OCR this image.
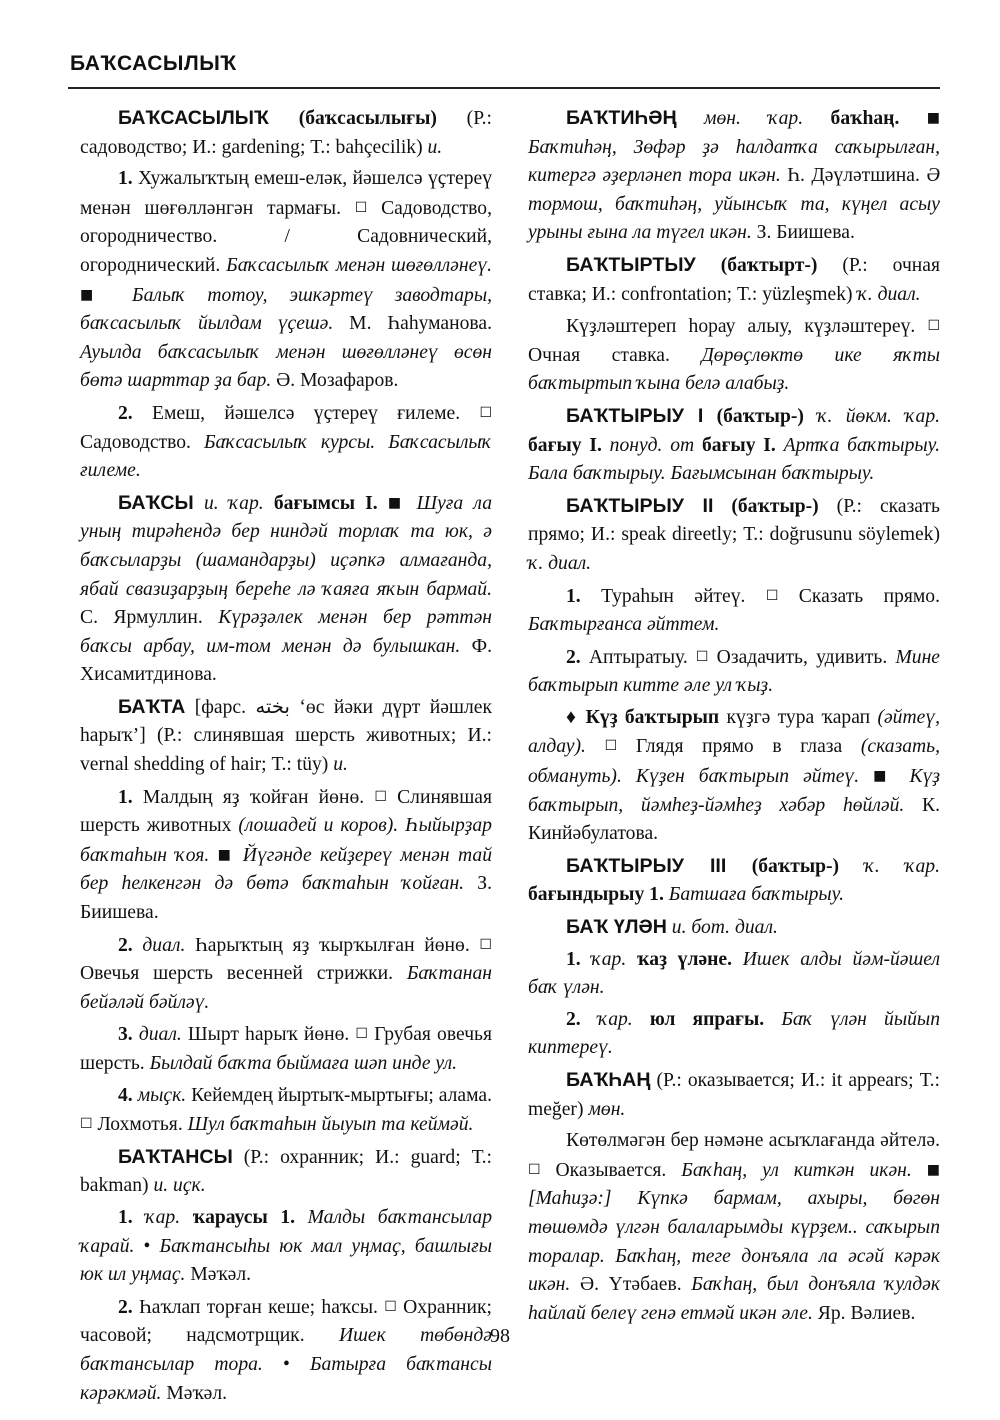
БАҠСАСЫЛЫҠ

БАҠСАСЫЛЫҠ (баҡсасылығы) (Р.: садоводство; И.: gardening; Т.: bahçecilik) и.

1. Хужалыҡтың емеш-еләк, йәшелсә үҫтереү менән шөғөлләнгән тармағы. ☐ Садоводство, огородничество. / Садовнический, огороднический. Баҡсасылыҡ менән шөғөлләнеү. ■ Балыҡ тотоу, эшкәртеү заводтары, баҡсасылыҡ йылдам үҫешә. М. Һаһуманова. Ауылда баҡсасылыҡ менән шөғөлләнеү өсөн бөтә шарттар ҙа бар. Ә. Мозафаров.

2. Емеш, йәшелсә үҫтереү ғилеме. ☐ Садоводство. Баҡсасылыҡ курсы. Баҡсасылыҡ ғилеме.

БАҠСЫ и. ҡар. бағымсы I. ■ Шуға ла уның тирәһендә бер ниндәй торлаҡ та юк, ә баҡсыларҙы (шамандарҙы) иҫәпкә алмағанда, ябай свазиҙарҙың береһе лә ҡаяға яҡын бармай. С. Ярмуллин. Күрәҙәлек менән бер рәттән баҡсы арбау, им-том менән дә булышкан. Ф. Хисамитдинова.

БАҠТА [фарс. بخته ‘өс йәки дүрт йәшлек һарыҡ’] (Р.: слинявшая шерсть животных; И.: vernal shedding of hair; Т.: tüy) и.

1. Малдың яҙ ҡойған йөнө. ☐ Слинявшая шерсть животных (лошадей и коров). Һыйырҙар баҡтаһын ҡоя. ■ Йүгәнде кейҙереү менән тай бер һелкенгән дә бөтә баҡтаһын ҡойған. З. Биишева.

2. диал. Һарыҡтың яҙ ҡырҡылған йөнө. ☐ Овечья шерсть весенней стрижки. Баҡтанан бейәләй бәйләү.

3. диал. Шырт һарыҡ йөнө. ☐ Грубая овечья шерсть. Былдай баҡта быймаға шәп инде ул.

4. мыҫк. Кейемдең йыртыҡ-мыртығы; алама. ☐ Лохмотья. Шул баҡтаһын йыуып та кеймәй.

БАҠТАНСЫ (Р.: охранник; И.: guard; Т.: bakman) и. иҫк.

1. ҡар. ҡараусы 1. Малды баҡтансылар ҡарай. • Баҡтансыһы юк мал уңмаҫ, башлығы юк ил уңмаҫ. Мәҡәл.

2. Һаҡлап торған кеше; һаҡсы. ☐ Охранник; часовой; надсмотрщик. Ишек төбөндә баҡтансылар тора. • Батырға баҡтансы кәрәкмәй. Мәҡәл.

БАҠТИҺӘҢ мөн. ҡар. баҡһаң. ■ Баҡтиһәң, Зөфәр ҙә һалдатҡа саҡырылған, китергә әҙерләнеп тора икән. Һ. Дәүләтшина. Ә тормош, баҡтиһәң, уйынсыҡ та, күңел асыу урыны ғына ла түгел икән. З. Биишева.

БАҠТЫРТЫУ (баҡтырт-) (Р.: очная ставка; И.: confrontation; Т.: yüzleşmek) ҡ. диал.

Күҙләштереп һорау алыу, күҙләштереү. ☐ Очная ставка. Дөрөҫлөктө ике яҡты баҡтыртып ҡына белә алабыҙ.

БАҠТЫРЫУ I (баҡтыр-) ҡ. йөкм. ҡар. бағыу I. понуд. от бағыу I. Артҡа баҡтырыу. Бала баҡтырыу. Бағымсынан баҡтырыу.

БАҠТЫРЫУ II (баҡтыр-) (Р.: сказать прямо; И.: speak direetly; Т.: doğrusunu söylemek) ҡ. диал.

1. Тураһын әйтеү. ☐ Сказать прямо. Баҡтырғанса әйттем.

2. Аптыратыу. ☐ Озадачить, удивить. Мине баҡтырып китте әле ул ҡыҙ.

♦ Күҙ баҡтырып күҙгә тура ҡарап (әйтеү, алдау). ☐ Глядя прямо в глаза (сказать, обмануть). Күҙен баҡтырып әйтеү. ■ Күҙ баҡтырып, йәмһеҙ-йәмһеҙ хәбәр һөйләй. К. Кинйәбулатова.

БАҠТЫРЫУ III (баҡтыр-) ҡ. ҡар. бағындырыу 1. Батшаға баҡтырыу.

БАҠ ҮЛӘН и. бот. диал.

1. ҡар. ҡаҙ үләне. Ишек алды йәм-йәшел баҡ үлән.

2. ҡар. юл япрағы. Баҡ үлән йыйып киптереү.

БАҠҺАҢ (Р.: оказывается; И.: it appears; Т.: meğer) мөн.

Көтөлмәгән бер нәмәне асыҡлағанда әйтелә. ☐ Оказывается. Баҡһаң, ул киткән икән. ■ [Маһиҙә:] Күпкә бармам, ахыры, бөгөн төшөмдә үлгән балаларымды күрҙем.. саҡырып торалар. Баҡһаң, теге донъяла ла әсәй кәрәк икән. Ә. Үтәбаев. Баҡһаң, был донъяла ҡулдәк һайлай белеү генә етмәй икән әле. Яр. Вәлиев.

98
